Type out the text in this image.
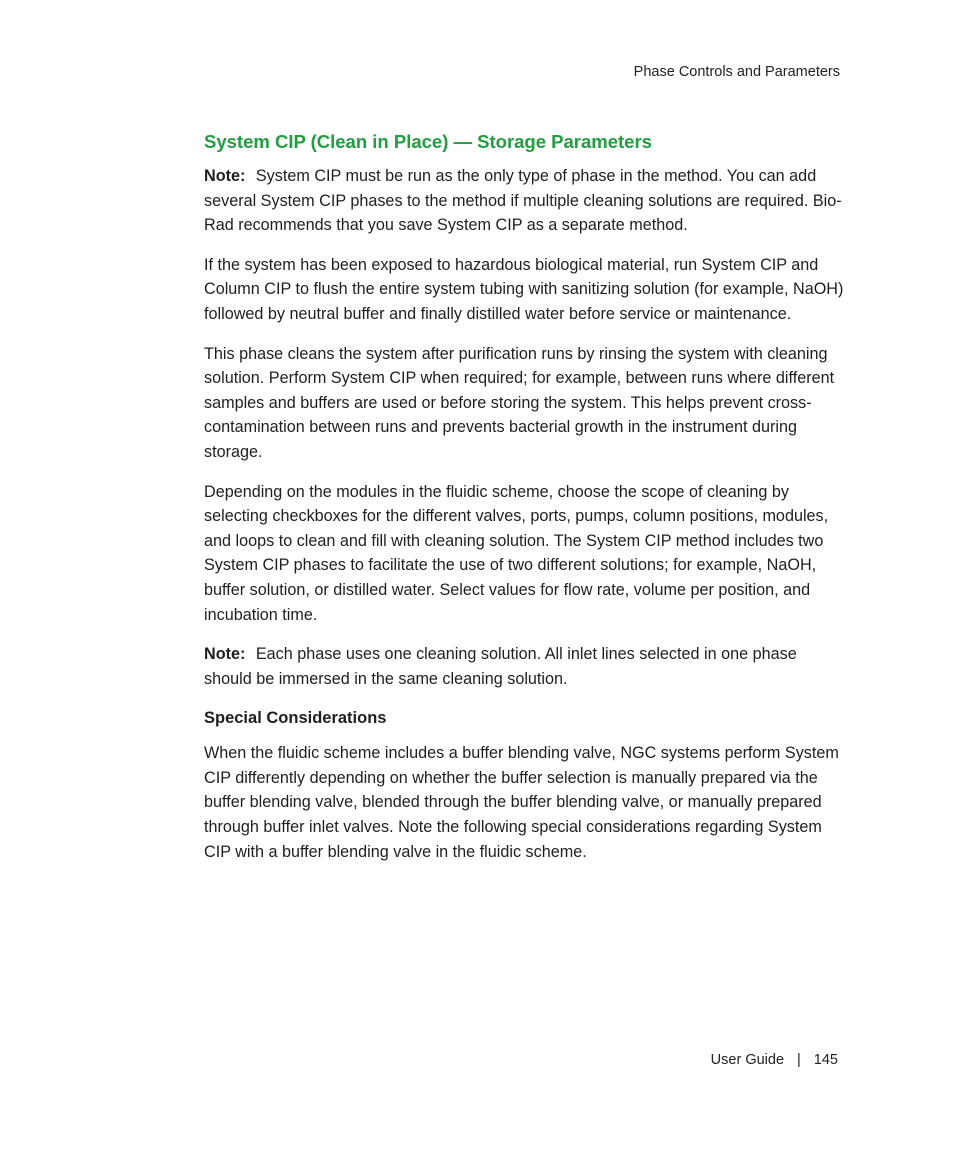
Phase Controls and Parameters
System CIP (Clean in Place) — Storage Parameters

Note: System CIP must be run as the only type of phase in the method. You can add several System CIP phases to the method if multiple cleaning solutions are required. Bio-Rad recommends that you save System CIP as a separate method.

If the system has been exposed to hazardous biological material, run System CIP and Column CIP to flush the entire system tubing with sanitizing solution (for example, NaOH) followed by neutral buffer and finally distilled water before service or maintenance.

This phase cleans the system after purification runs by rinsing the system with cleaning solution. Perform System CIP when required; for example, between runs where different samples and buffers are used or before storing the system. This helps prevent cross-contamination between runs and prevents bacterial growth in the instrument during storage.

Depending on the modules in the fluidic scheme, choose the scope of cleaning by selecting checkboxes for the different valves, ports, pumps, column positions, modules, and loops to clean and fill with cleaning solution. The System CIP method includes two System CIP phases to facilitate the use of two different solutions; for example, NaOH, buffer solution, or distilled water. Select values for flow rate, volume per position, and incubation time.

Note: Each phase uses one cleaning solution. All inlet lines selected in one phase should be immersed in the same cleaning solution.

Special Considerations

When the fluidic scheme includes a buffer blending valve, NGC systems perform System CIP differently depending on whether the buffer selection is manually prepared via the buffer blending valve, blended through the buffer blending valve, or manually prepared through buffer inlet valves. Note the following special considerations regarding System CIP with a buffer blending valve in the fluidic scheme.

User Guide | 145
